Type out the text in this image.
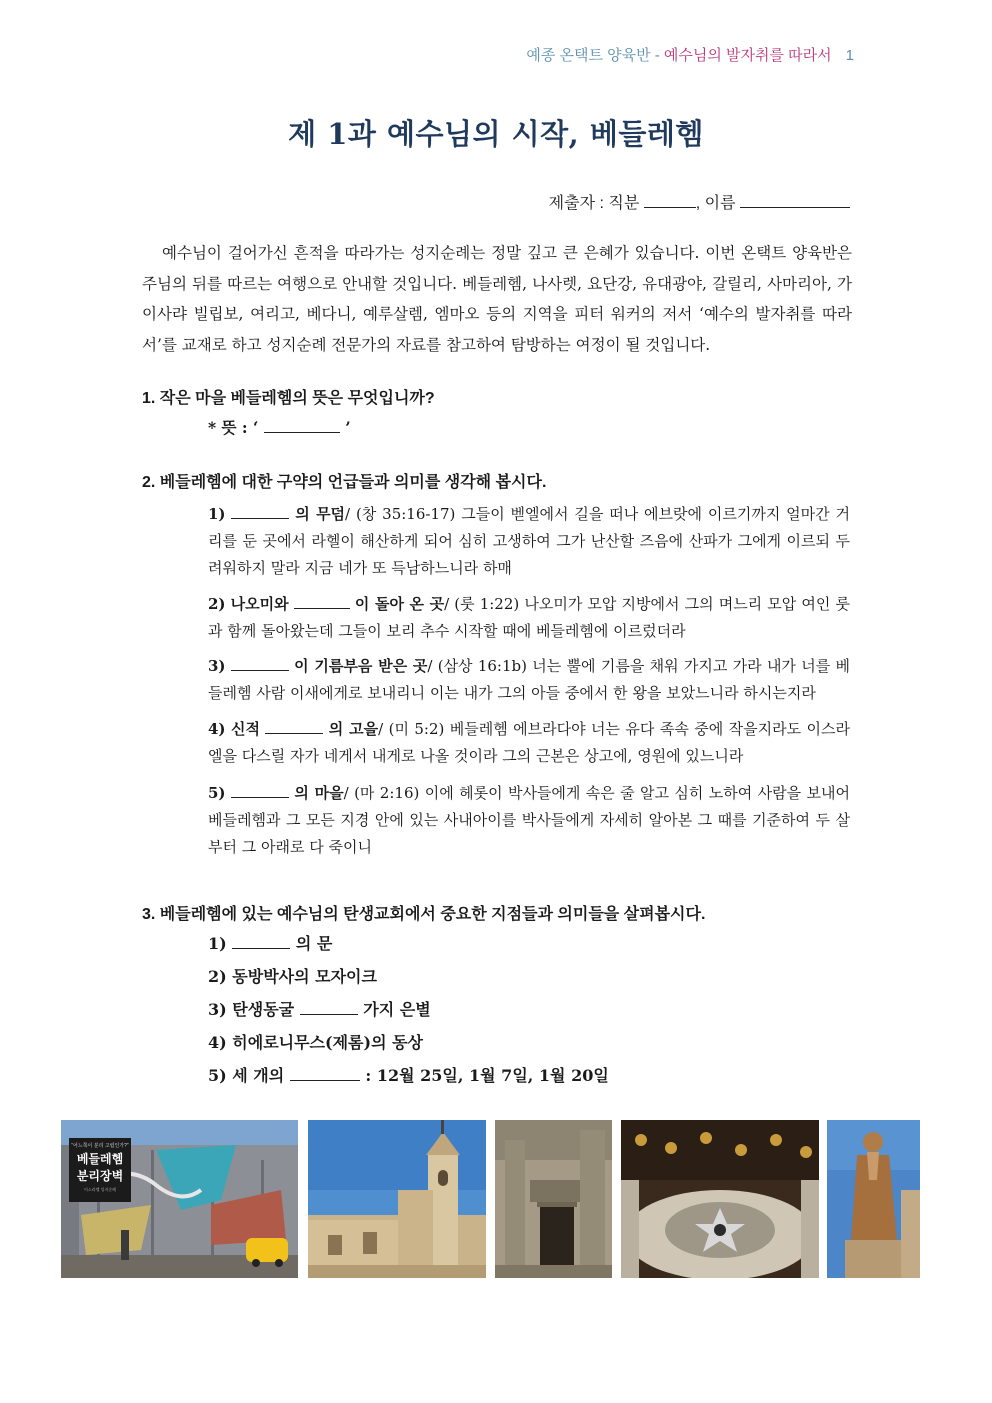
예종 온택트 양육반 - 예수님의 발자취를 따라서 1
제 1과 예수님의 시작, 베들레헴
제출자 : 직분	, 이름

예수님이 걸어가신 흔적을 따라가는 성지순례는 정말 깊고 큰 은혜가 있습니다. 이번 온택트 양육반은 주님의 뒤를 따르는 여행으로 안내할 것입니다. 베들레헴, 나사렛, 요단강, 유대광야, 갈릴리, 사마리아, 가이사랴 빌립보, 여리고, 베다니, 예루살렘, 엠마오 등의 지역을 피터 워커의 저서 ‘예수의 발자취를 따라서’를 교재로 하고 성지순례 전문가의 자료를 참고하여 탐방하는 여정이 될 것입니다.

1. 작은 마을 베들레헴의 뜻은 무엇입니까?
* 뜻 : ‘	’
2. 베들레헴에 대한 구약의 언급들과 의미를 생각해 봅시다.

1)	의 무덤/ (창 35:16-17) 그들이 벧엘에서 길을 떠나 에브랏에 이르기까지 얼마간 거리를 둔 곳에서 라헬이 해산하게 되어 심히 고생하여 그가 난산할 즈음에 산파가 그에게 이르되 두려워하지 말라 지금 네가 또 득남하느니라 하매

2) 나오미와	이 돌아 온 곳/ (룻 1:22) 나오미가 모압 지방에서 그의 며느리 모압 여인 룻과 함께 돌아왔는데 그들이 보리 추수 시작할 때에 베들레헴에 이르렀더라

3)	이 기름부음 받은 곳/ (삼상 16:1b) 너는 뿔에 기름을 채워 가지고 가라 내가 너를 베들레헴 사람 이새에게로 보내리니 이는 내가 그의 아들 중에서 한 왕을 보았느니라 하시는지라

4) 신적	의 고을/ (미 5:2) 베들레헴 에브라다야 너는 유다 족속 중에 작을지라도 이스라엘을 다스릴 자가 네게서 내게로 나올 것이라 그의 근본은 상고에, 영원에 있느니라

5)	의 마을/ (마 2:16) 이에 헤롯이 박사들에게 속은 줄 알고 심히 노하여 사람을 보내어 베들레헴과 그 모든 지경 안에 있는 사내아이를 박사들에게 자세히 알아본 그 때를 기준하여 두 살부터 그 아래로 다 죽이니

3. 베들레헴에 있는 예수님의 탄생교회에서 중요한 지점들과 의미들을 살펴봅시다.
1)	의 문
2) 동방박사의 모자이크
3) 탄생동굴	가지 은별
4) 히에로니무스(제롬)의 동상
5) 세 개의	: 12월 25일, 1월 7일, 1월 20일
“어느쪽이 분리 고립인가?”
베들레헴
분리장벽
이스라엘 성지순례
